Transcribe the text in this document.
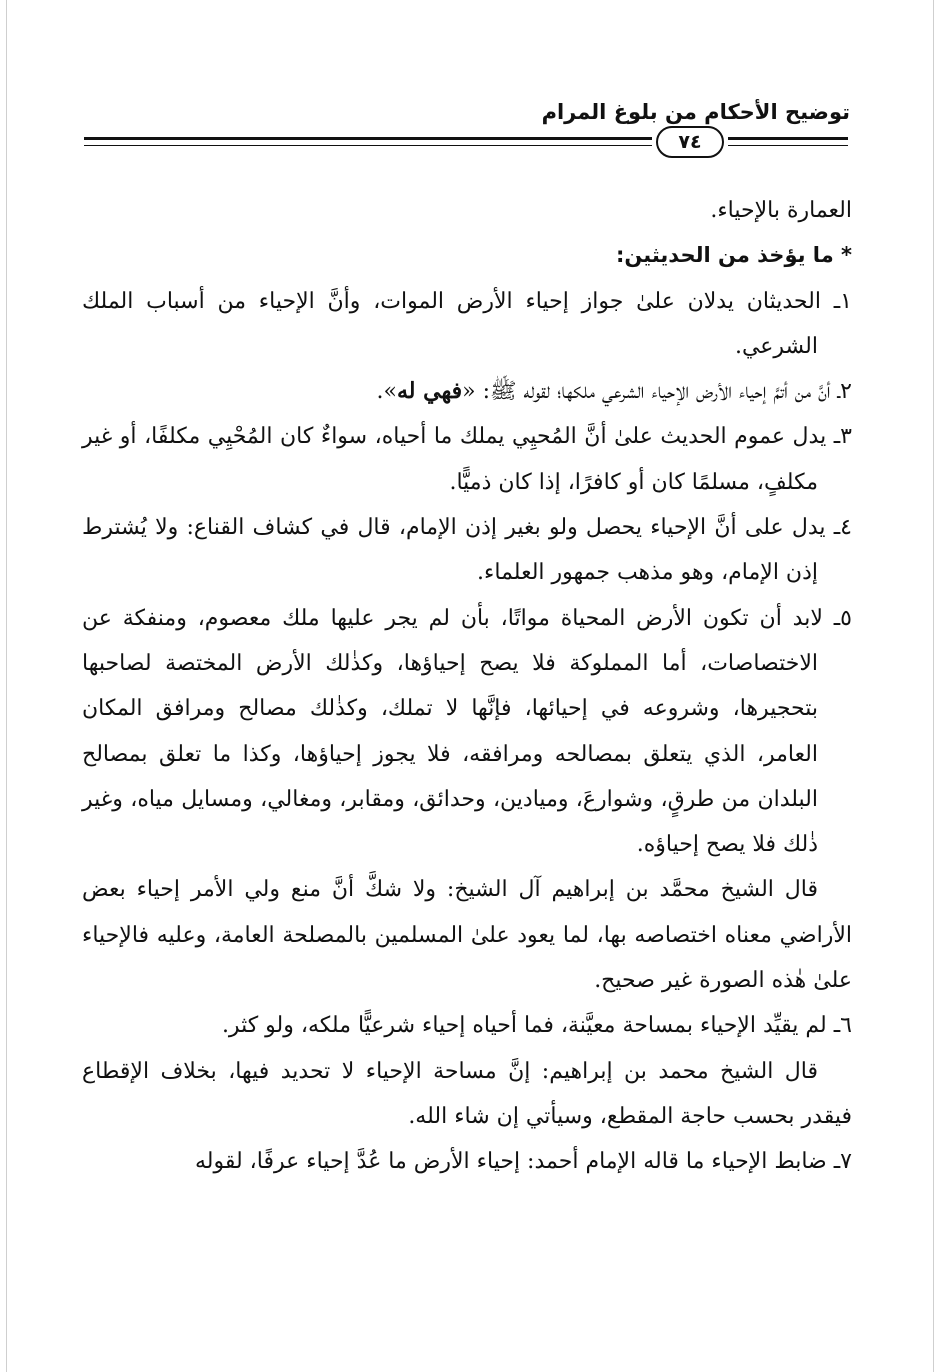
توضيح الأحكام من بلوغ المرام
٧٤

العمارة بالإحياء.

* ما يؤخذ من الحديثين:

١ـ الحديثان يدلان علىٰ جواز إحياء الأرض الموات، وأنَّ الإحياء من أسباب الملك الشرعي.

٢ـ أنَّ من أتمَّ إحياء الأرض الإحياء الشرعي ملكها؛ لقوله ﷺ: «فهي له».

٣ـ يدل عموم الحديث علىٰ أنَّ المُحيِي يملك ما أحياه، سواءٌ كان المُحْيِي مكلفًا، أو غير مكلفٍ، مسلمًا كان أو كافرًا، إذا كان ذميًّا.

٤ـ يدل على أنَّ الإحياء يحصل ولو بغير إذن الإمام، قال في كشاف القناع: ولا يُشترط إذن الإمام، وهو مذهب جمهور العلماء.

٥ـ لابد أن تكون الأرض المحياة مواتًا، بأن لم يجر عليها ملك معصوم، ومنفكة عن الاختصاصات، أما المملوكة فلا يصح إحياؤها، وكذٰلك الأرض المختصة لصاحبها بتحجيرها، وشروعه في إحيائها، فإنَّها لا تملك، وكذٰلك مصالح ومرافق المكان العامر، الذي يتعلق بمصالحه ومرافقه، فلا يجوز إحياؤها، وكذا ما تعلق بمصالح البلدان من طرقٍ، وشوارعَ، وميادين، وحدائق، ومقابر، ومغالي، ومسايل مياه، وغير ذٰلك فلا يصح إحياؤه.

قال الشيخ محمَّد بن إبراهيم آل الشيخ: ولا شكَّ أنَّ منع ولي الأمر إحياء بعض الأراضي معناه اختصاصه بها، لما يعود علىٰ المسلمين بالمصلحة العامة، وعليه فالإحياء علىٰ هٰذه الصورة غير صحيح.

٦ـ لم يقيِّد الإحياء بمساحة معيَّنة، فما أحياه إحياء شرعيًّا ملكه، ولو كثر.

قال الشيخ محمد بن إبراهيم: إنَّ مساحة الإحياء لا تحديد فيها، بخلاف الإقطاع فيقدر بحسب حاجة المقطع، وسيأتي إن شاء الله.

٧ـ ضابط الإحياء ما قاله الإمام أحمد: إحياء الأرض ما عُدَّ إحياء عرفًا، لقوله
